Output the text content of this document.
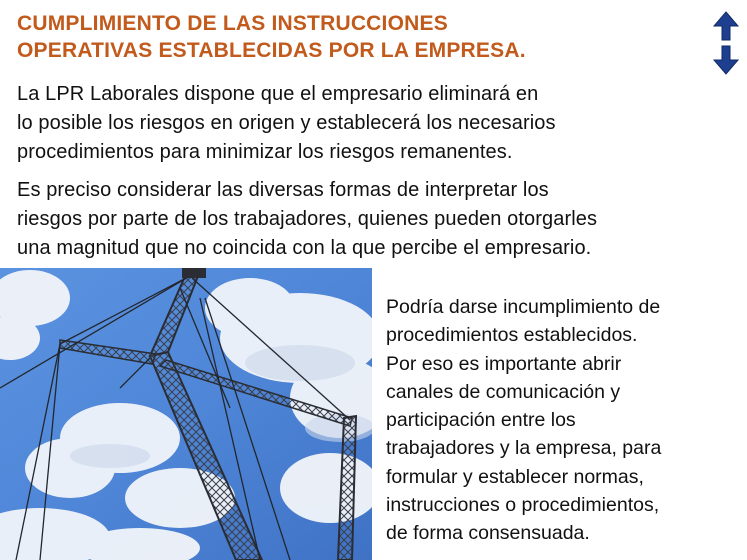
CUMPLIMIENTO DE LAS INSTRUCCIONES
OPERATIVAS ESTABLECIDAS POR LA EMPRESA.
La LPR Laborales dispone que el empresario eliminará en
lo posible los riesgos en origen y establecerá los necesarios
procedimientos para minimizar los riesgos remanentes.
Es preciso considerar las diversas formas de interpretar los
riesgos por parte de los trabajadores, quienes pueden otorgarles
una magnitud que no coincida con la que percibe el empresario.
Podría darse incumplimiento de
procedimientos establecidos.
Por eso es importante abrir
canales de comunicación y
participación entre los
trabajadores y la empresa, para
formular y establecer normas,
instrucciones o procedimientos,
de forma consensuada.
